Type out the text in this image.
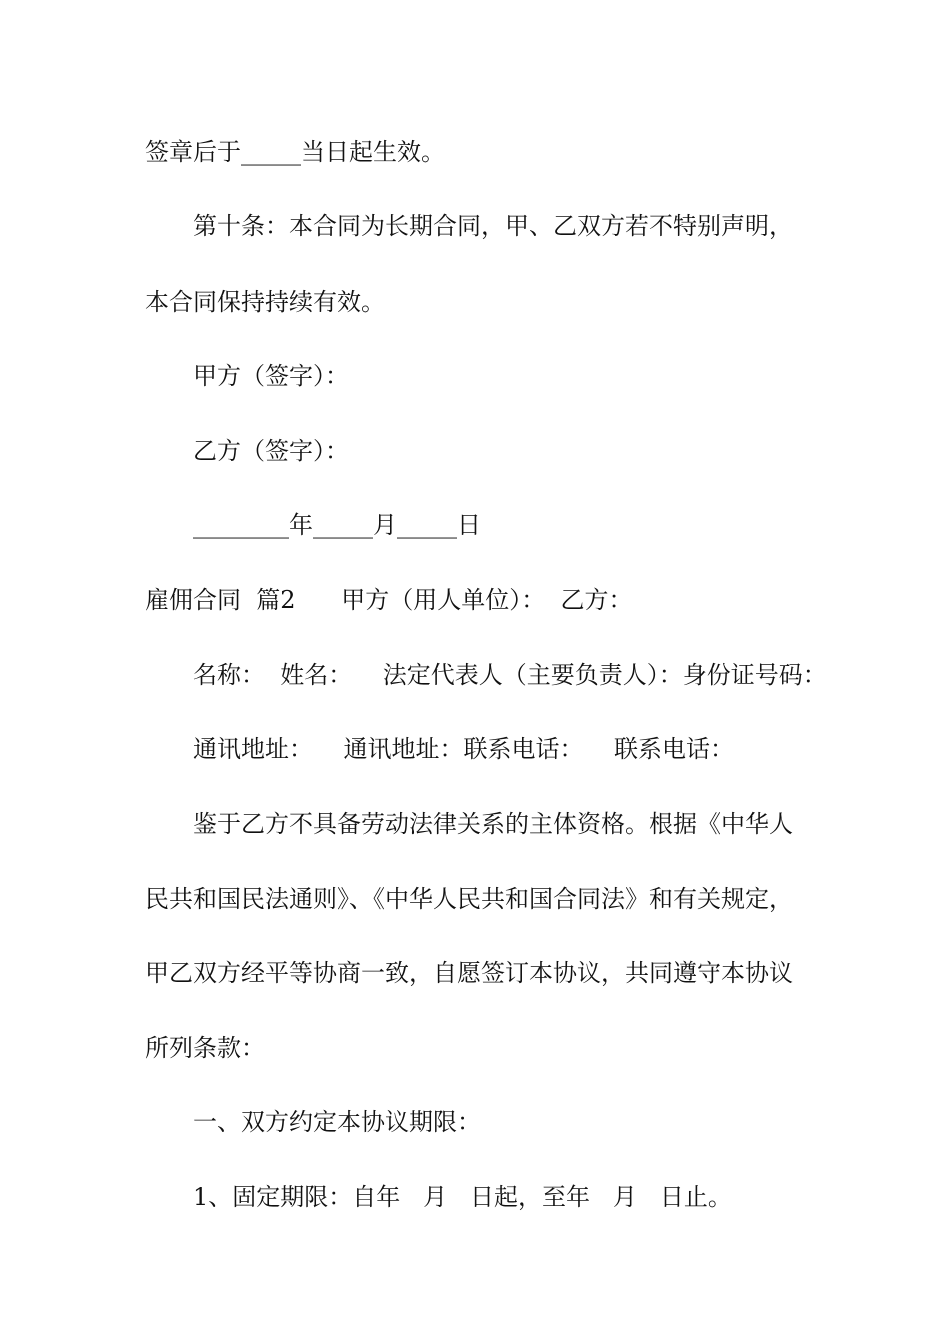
签章后于_____当日起生效。
第十条：本合同为长期合同，甲、乙双方若不特别声明，
本合同保持持续有效。
甲方（签字）：
乙方（签字）：
________年_____月_____日
雇佣合同  篇2      甲方（用人单位）：  乙方：
名称：  姓名：    法定代表人（主要负责人）：身份证号码：
通讯地址：    通讯地址：联系电话：    联系电话：
鉴于乙方不具备劳动法律关系的主体资格。根据《中华人
民共和国民法通则》、《中华人民共和国合同法》和有关规定，
甲乙双方经平等协商一致，自愿签订本协议，共同遵守本协议
所列条款：
一、双方约定本协议期限：
1、固定期限：自年   月   日起，至年   月   日止。
